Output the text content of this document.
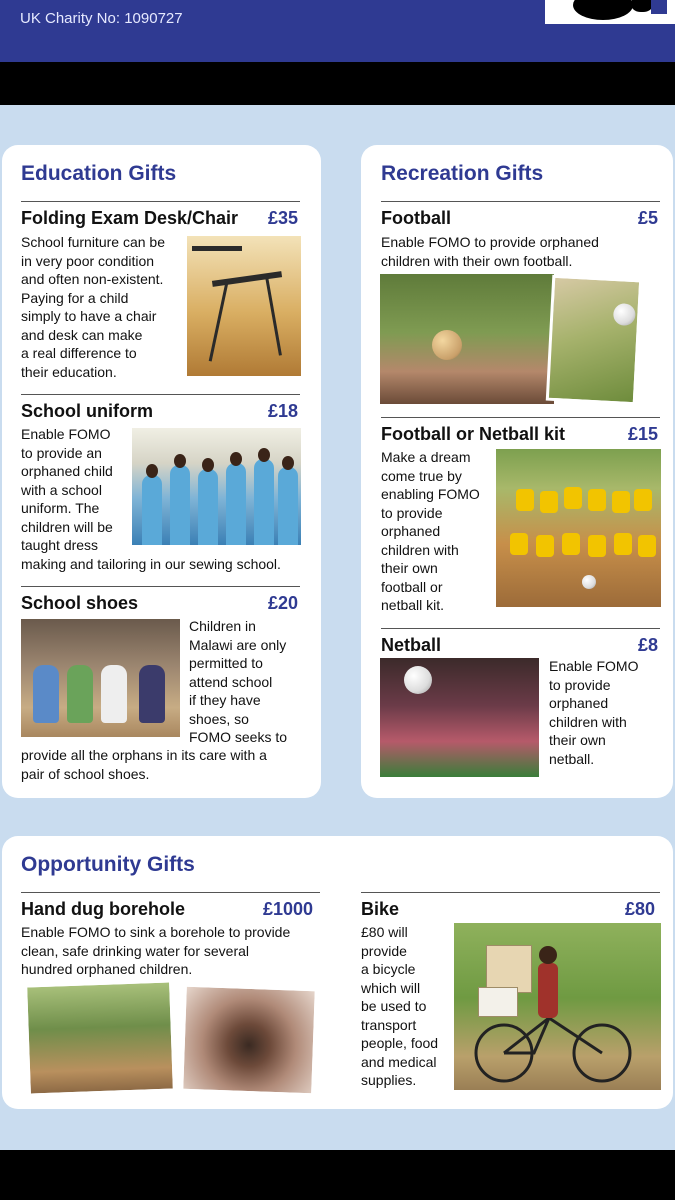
UK Charity No: 1090727
Education Gifts
Folding Exam Desk/Chair £35
School furniture can be
in very poor condition
and often non-existent.
Paying for a child
simply to have a chair
and desk can make
a real difference to
their education.
School uniform	£18
Enable FOMO
to provide an
orphaned child
with a school
uniform. The
children will be
taught dress
making and tailoring in our sewing school.
School shoes	£20
Children in
Malawi are only
permitted to
attend school
if they have
shoes, so
FOMO seeks to
provide all the orphans in its care with a
pair of school shoes.
Recreation Gifts
Football	£5
Enable FOMO to provide orphaned
children with their own football.
Football or Netball kit	£15
Make a dream
come true by
enabling FOMO
to provide
orphaned
children with
their own
football or
netball kit.
Netball	£8
Enable FOMO
to provide
orphaned
children with
their own
netball.
Opportunity Gifts
Hand dug borehole	£1000
Enable FOMO to sink a borehole to provide
clean, safe drinking water for several
hundred orphaned children.
Bike	£80
£80 will
provide
a bicycle
which will
be used to
transport
people, food
and medical
supplies.
